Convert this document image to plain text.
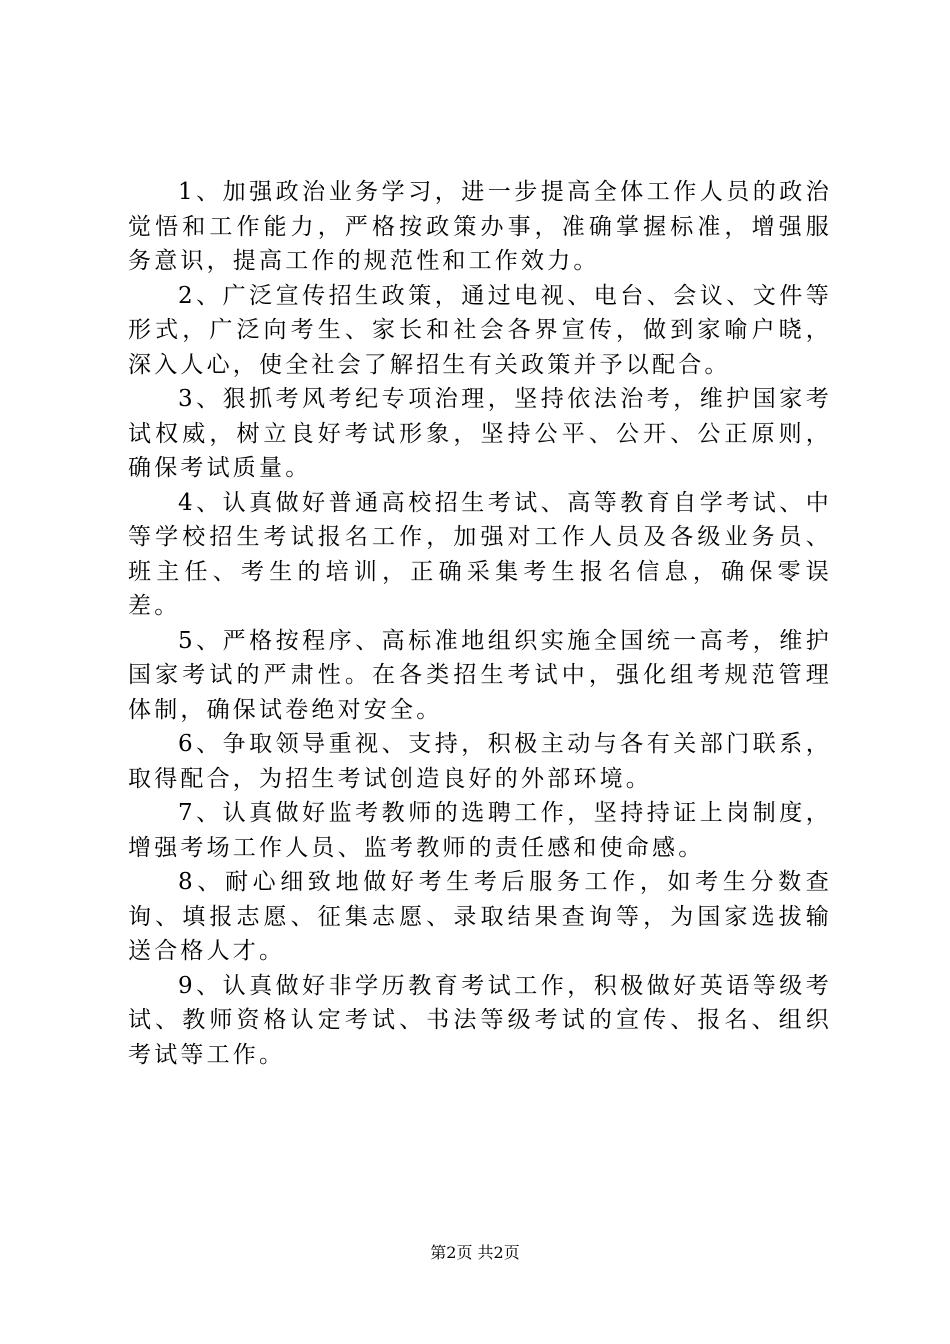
1、加强政治业务学习，进一步提高全体工作人员的政治觉悟和工作能力，严格按政策办事，准确掌握标准，增强服务意识，提高工作的规范性和工作效力。

2、广泛宣传招生政策，通过电视、电台、会议、文件等形式，广泛向考生、家长和社会各界宣传，做到家喻户晓，深入人心，使全社会了解招生有关政策并予以配合。

3、狠抓考风考纪专项治理，坚持依法治考，维护国家考试权威，树立良好考试形象，坚持公平、公开、公正原则，确保考试质量。

4、认真做好普通高校招生考试、高等教育自学考试、中等学校招生考试报名工作，加强对工作人员及各级业务员、班主任、考生的培训，正确采集考生报名信息，确保零误差。

5、严格按程序、高标准地组织实施全国统一高考，维护国家考试的严肃性。在各类招生考试中，强化组考规范管理体制，确保试卷绝对安全。

6、争取领导重视、支持，积极主动与各有关部门联系，取得配合，为招生考试创造良好的外部环境。

7、认真做好监考教师的选聘工作，坚持持证上岗制度，增强考场工作人员、监考教师的责任感和使命感。

8、耐心细致地做好考生考后服务工作，如考生分数查询、填报志愿、征集志愿、录取结果查询等，为国家选拔输送合格人才。

9、认真做好非学历教育考试工作，积极做好英语等级考试、教师资格认定考试、书法等级考试的宣传、报名、组织考试等工作。

第2页 共2页
